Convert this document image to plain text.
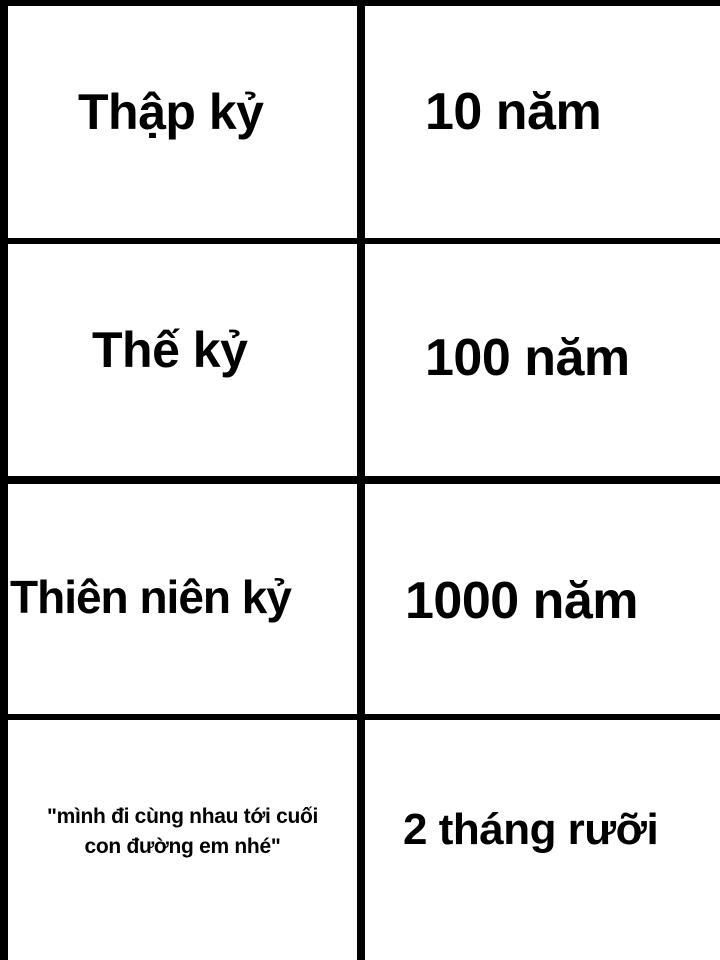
Thập kỷ	10 năm
Thế kỷ	100 năm
Thiên niên kỷ 1000 năm
"mình đi cùng nhau tới cuối
con đường em nhé"	2 tháng rưỡi
